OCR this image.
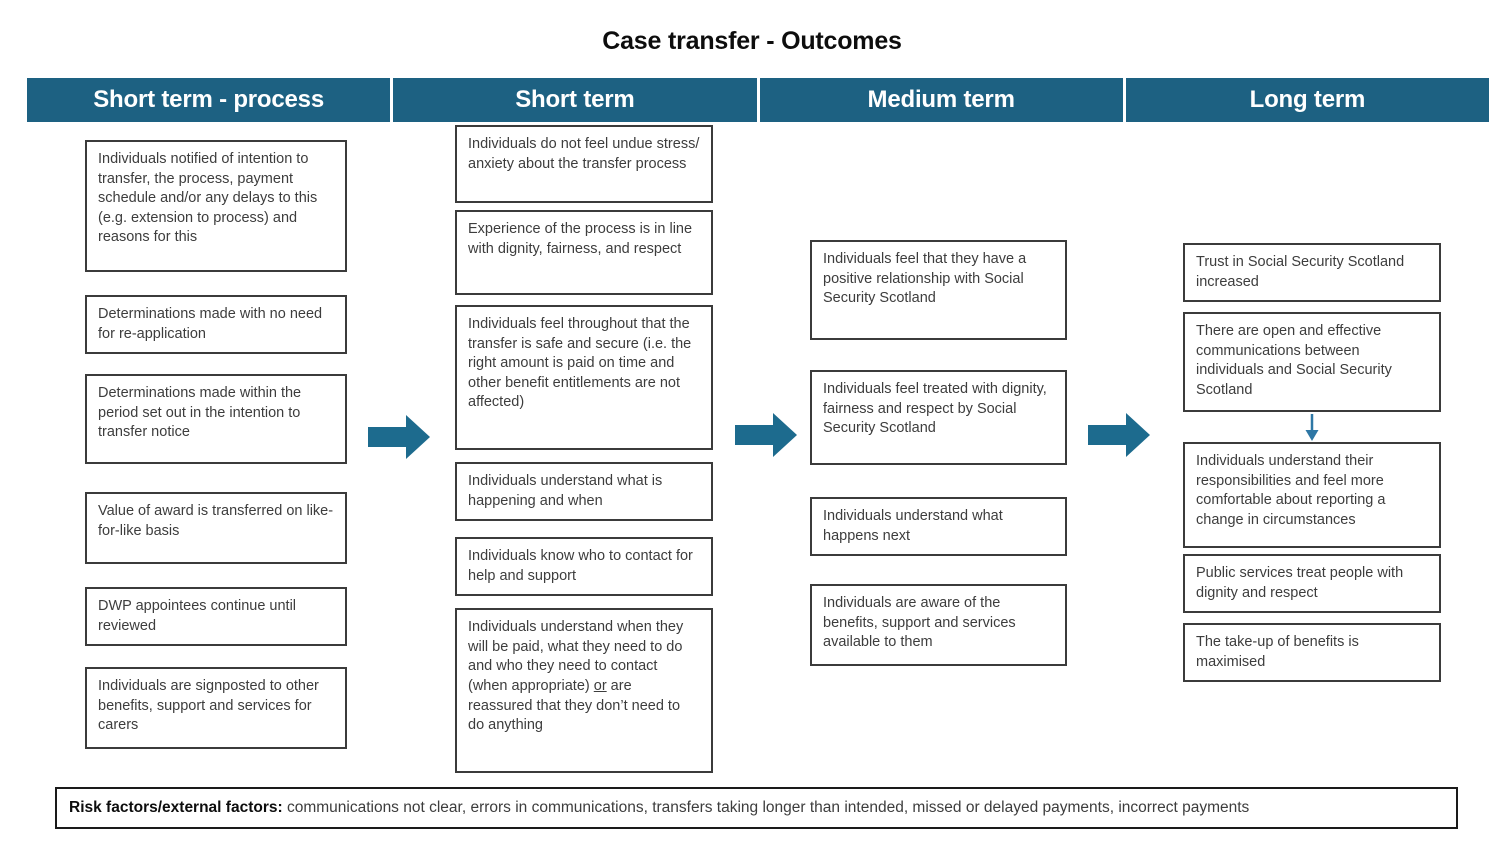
Case transfer - Outcomes
Short term - process	Short term	Medium term	Long term
Individuals notified of intention to transfer, the process, payment schedule and/or any delays to this (e.g. extension to process) and reasons for this
Determinations made with no need for re-application
Determinations made within the period set out in the intention to transfer notice
Value of award is transferred on like-for-like basis
DWP appointees continue until reviewed
Individuals are signposted to other benefits, support and services for carers
Individuals do not feel undue stress/ anxiety about the transfer process
Experience of the process is in line with dignity, fairness, and respect
Individuals feel throughout that the transfer is safe and secure (i.e. the right amount is paid on time and other benefit entitlements are not affected)
Individuals understand what is happening and when
Individuals know who to contact for help and support
Individuals understand when they will be paid, what they need to do and who they need to contact (when appropriate) or are reassured that they don’t need to do anything
Individuals feel that they have a positive relationship with Social Security Scotland
Individuals feel treated with dignity, fairness and respect by Social Security Scotland
Individuals understand what happens next
Individuals are aware of the benefits, support and services available to them
Trust in Social Security Scotland increased
There are open and effective communications between individuals and Social Security Scotland
Individuals understand their responsibilities and feel more comfortable about reporting a change in circumstances
Public services treat people with dignity and respect
The take-up of benefits is maximised
Risk factors/external factors: communications not clear, errors in communications, transfers taking longer than intended, missed or delayed payments, incorrect payments
